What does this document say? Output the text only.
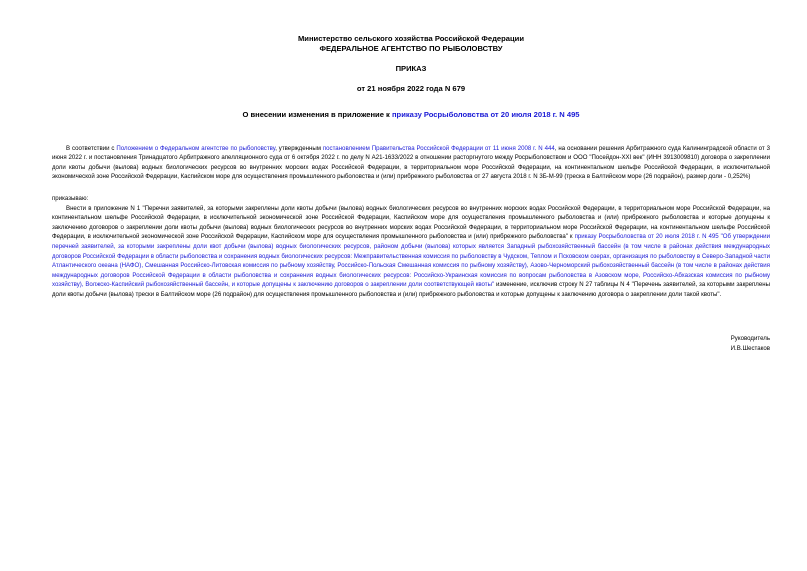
Министерство сельского хозяйства Российской Федерации
ФЕДЕРАЛЬНОЕ АГЕНТСТВО ПО РЫБОЛОВСТВУ
ПРИКАЗ
от 21 ноября 2022 года N 679
О внесении изменения в приложение к приказу Росрыболовства от 20 июля 2018 г. N 495

В соответствии с Положением о Федеральном агентстве по рыболовству, утвержденным постановлением Правительства Российской Федерации от 11 июня 2008 г. N 444, на основании решения Арбитражного суда Калининградской области от 3 июня 2022 г. и постановления Тринадцатого Арбитражного апелляционного суда от 6 октября 2022 г. по делу N А21-1633/2022 в отношении расторгнутого между Росрыболовством и ООО "Посейдон-XXI век" (ИНН 3913009810) договора о закреплении доли квоты добычи (вылова) водных биологических ресурсов во внутренних морских водах Российской Федерации, в территориальном море Российской Федерации, на континентальном шельфе Российской Федерации, в исключительной экономической зоне Российской Федерации, Каспийском море для осуществления промышленного рыболовства и (или) прибрежного рыболовства от 27 августа 2018 г. N 3Б-М-99 (треска в Балтийском море (26 подрайон), размер доли - 0,252%)

приказываю:

Внести в приложение N 1 "Перечни заявителей, за которыми закреплены доли квоты добычи (вылова) водных биологических ресурсов во внутренних морских водах Российской Федерации, в территориальном море Российской Федерации, на континентальном шельфе Российской Федерации, в исключительной экономической зоне Российской Федерации, Каспийском море для осуществления промышленного рыболовства и (или) прибрежного рыболовства и которые допущены к заключению договоров о закреплении доли квоты добычи (вылова) водных биологических ресурсов во внутренних морских водах Российской Федерации, в территориальном море Российской Федерации, на континентальном шельфе Российской Федерации, в исключительной экономической зоне Российской Федерации, Каспийском море для осуществления промышленного рыболовства и (или) прибрежного рыболовства" к приказу Росрыболовства от 20 июля 2018 г. N 495 "Об утверждении перечней заявителей, за которыми закреплены доли квот добычи (вылова) водных биологических ресурсов, районом добычи (вылова) которых является Западный рыбохозяйственный бассейн (в том числе в районах действия международных договоров Российской Федерации в области рыболовства и сохранения водных биологических ресурсов: Межправительственная комиссия по рыболовству в Чудском, Теплом и Псковском озерах, организация по рыболовству в Северо-Западной части Атлантического океана (НАФО), Смешанная Российско-Литовская комиссия по рыбному хозяйству, Российско-Польская Смешанная комиссия по рыбному хозяйству), Азово-Черноморский рыбохозяйственный бассейн (в том числе в районах действия международных договоров Российской Федерации в области рыболовства и сохранения водных биологических ресурсов: Российско-Украинская комиссия по вопросам рыболовства в Азовском море, Российско-Абхазская комиссия по рыбному хозяйству), Волжско-Каспийский рыбохозяйственный бассейн, и которые допущены к заключению договоров о закреплении доли соответствующей квоты" изменение, исключив строку N 27 таблицы N 4 "Перечень заявителей, за которыми закреплены доли квоты добычи (вылова) трески в Балтийском море (26 подрайон) для осуществления промышленного рыболовства и (или) прибрежного рыболовства и которые допущены к заключению договора о закреплении доли такой квоты".

Руководитель
И.В.Шестаков
